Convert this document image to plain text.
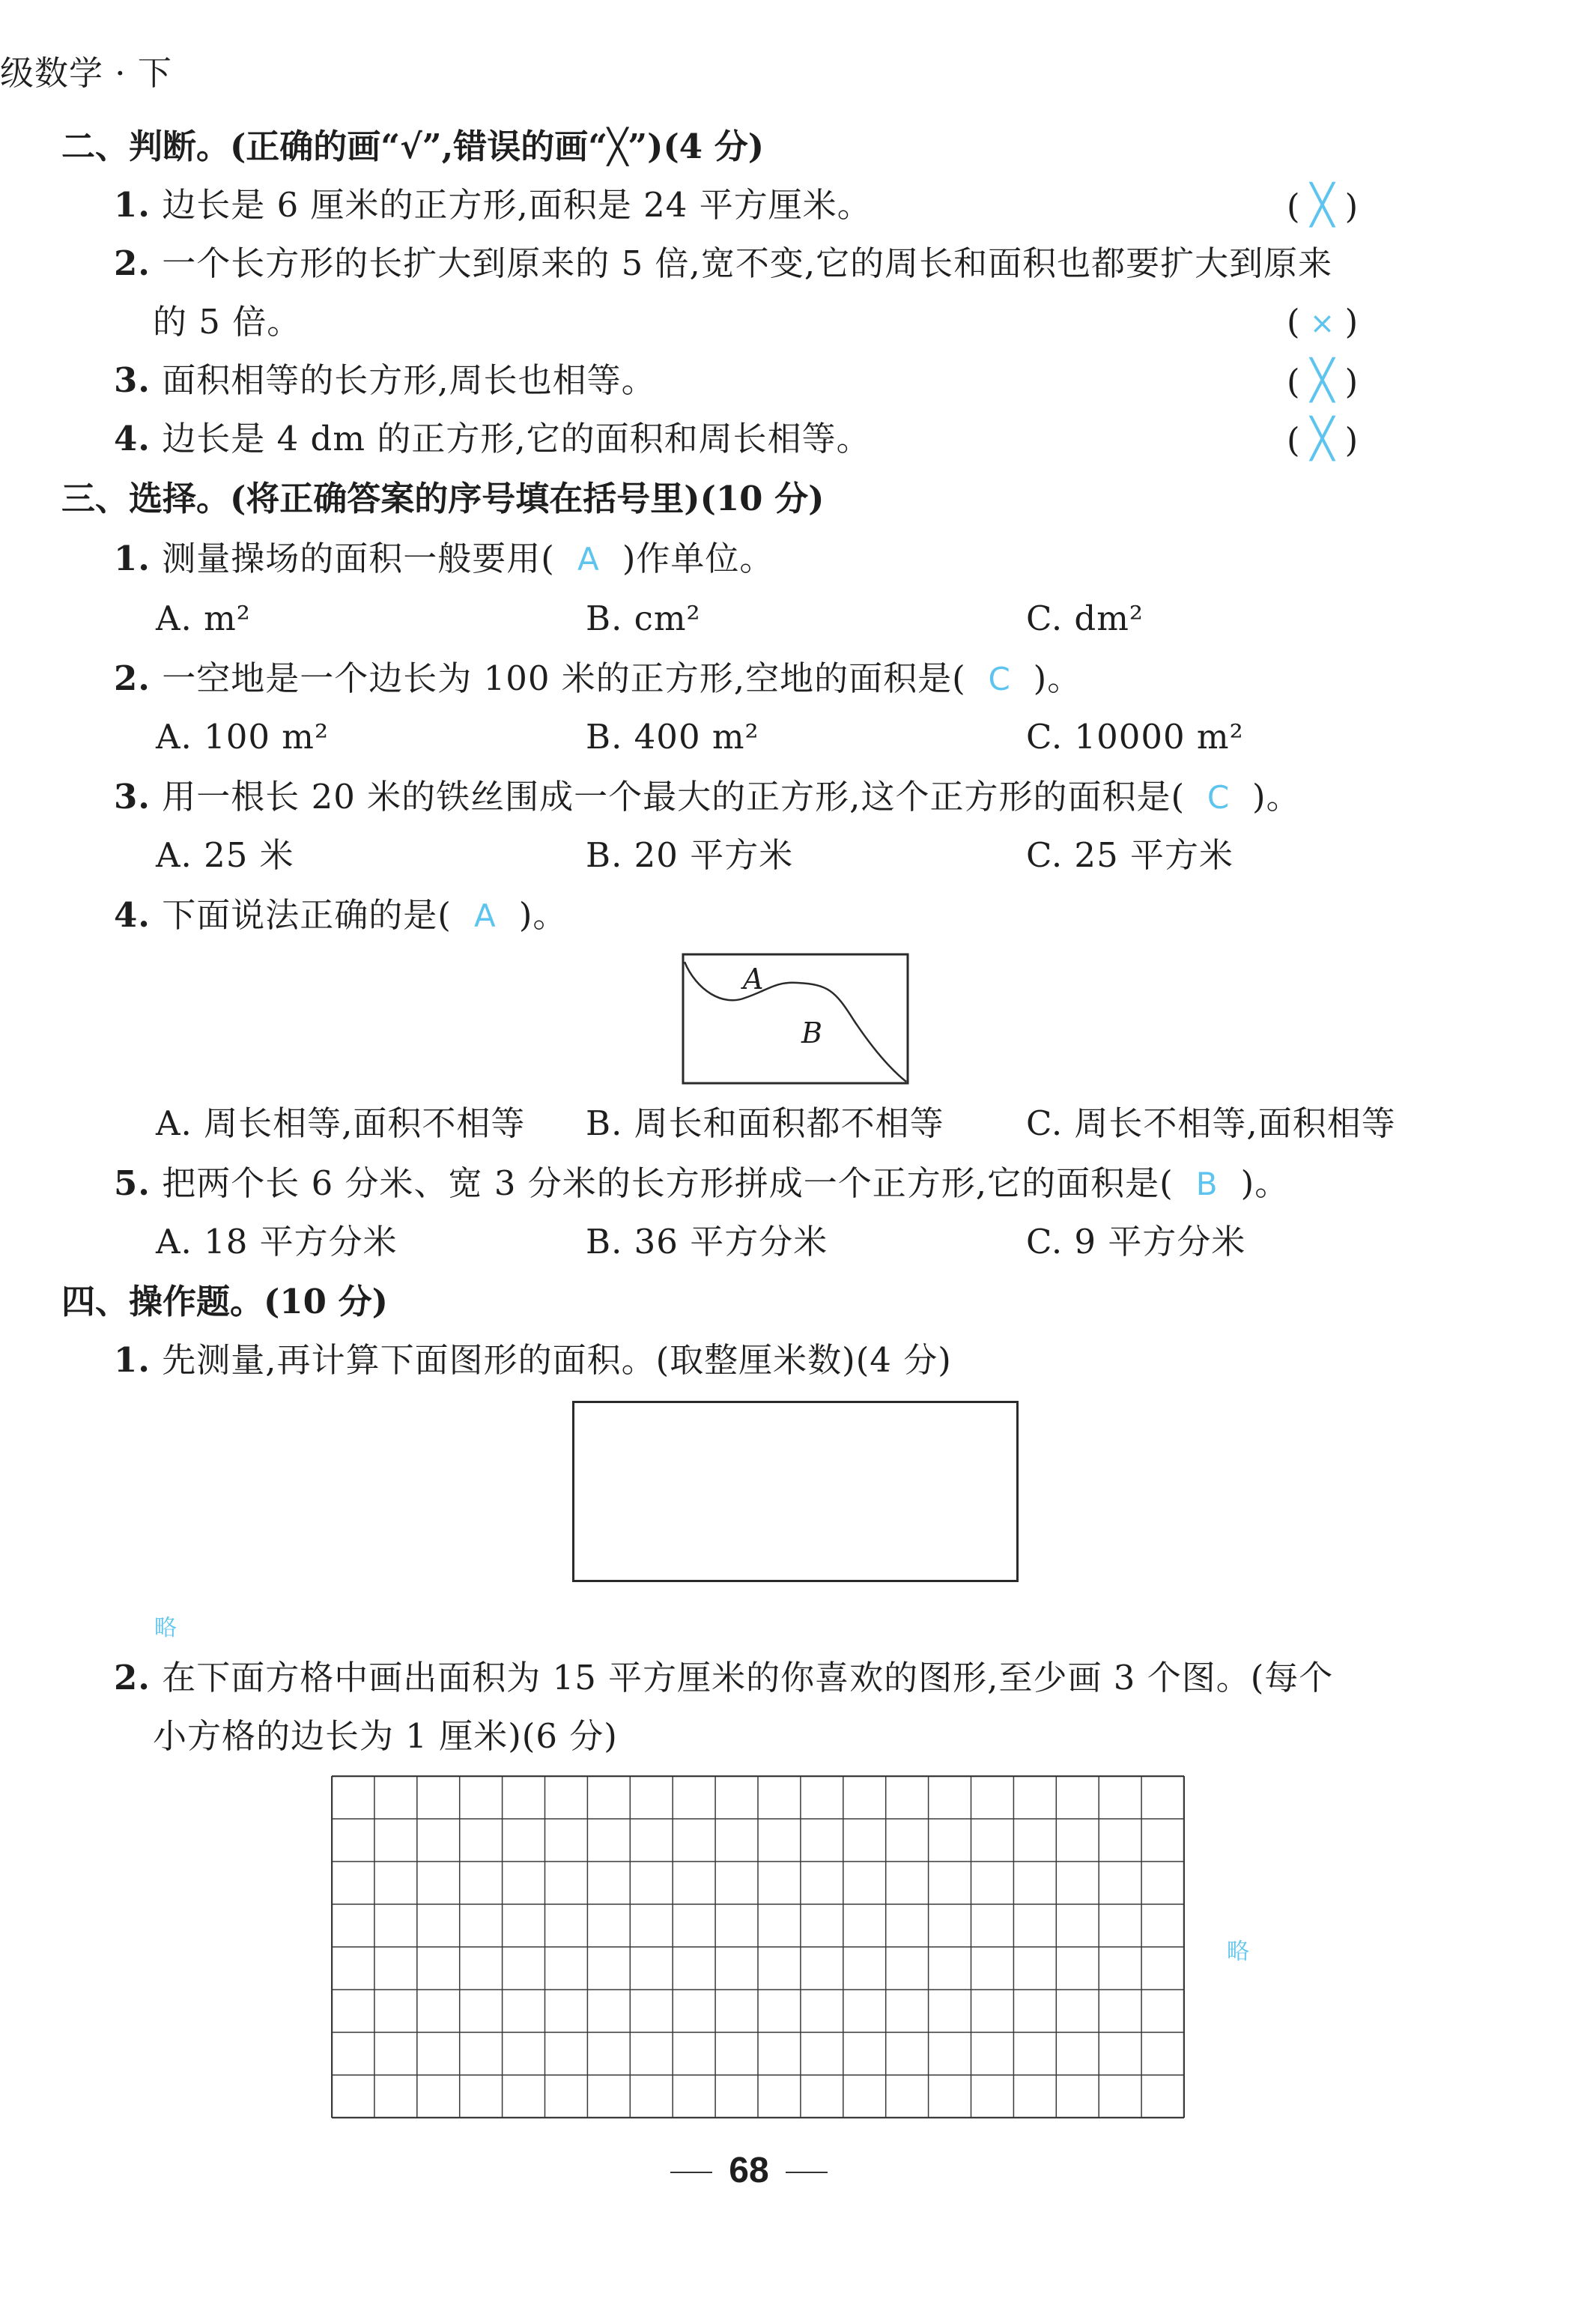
级数学 · 下
二、判断。(正确的画“√”,错误的画“╳”)(4 分)
1. 边长是 6 厘米的正方形,面积是 24 平方厘米。	( ╳ )
2. 一个长方形的长扩大到原来的 5 倍,宽不变,它的周长和面积也都要扩大到原来
的 5 倍。	( × )
3. 面积相等的长方形,周长也相等。	( ╳ )
4. 边长是 4 dm 的正方形,它的面积和周长相等。	( ╳ )
三、选择。(将正确答案的序号填在括号里)(10 分)
1. 测量操场的面积一般要用( A )作单位。
A. m²	B. cm²	C. dm²
2. 一空地是一个边长为 100 米的正方形,空地的面积是( C )。
A. 100 m²	B. 400 m²	C. 10000 m²
3. 用一根长 20 米的铁丝围成一个最大的正方形,这个正方形的面积是( C )。
A. 25 米	B. 20 平方米	C. 25 平方米
4. 下面说法正确的是( A )。
A
B
A. 周长相等,面积不相等 B. 周长和面积都不相等 C. 周长不相等,面积相等
5. 把两个长 6 分米、宽 3 分米的长方形拼成一个正方形,它的面积是( B )。
A. 18 平方分米	B. 36 平方分米	C. 9 平方分米
四、操作题。(10 分)
1. 先测量,再计算下面图形的面积。(取整厘米数)(4 分)
略
2. 在下面方格中画出面积为 15 平方厘米的你喜欢的图形,至少画 3 个图。(每个
小方格的边长为 1 厘米)(6 分)
略
68
